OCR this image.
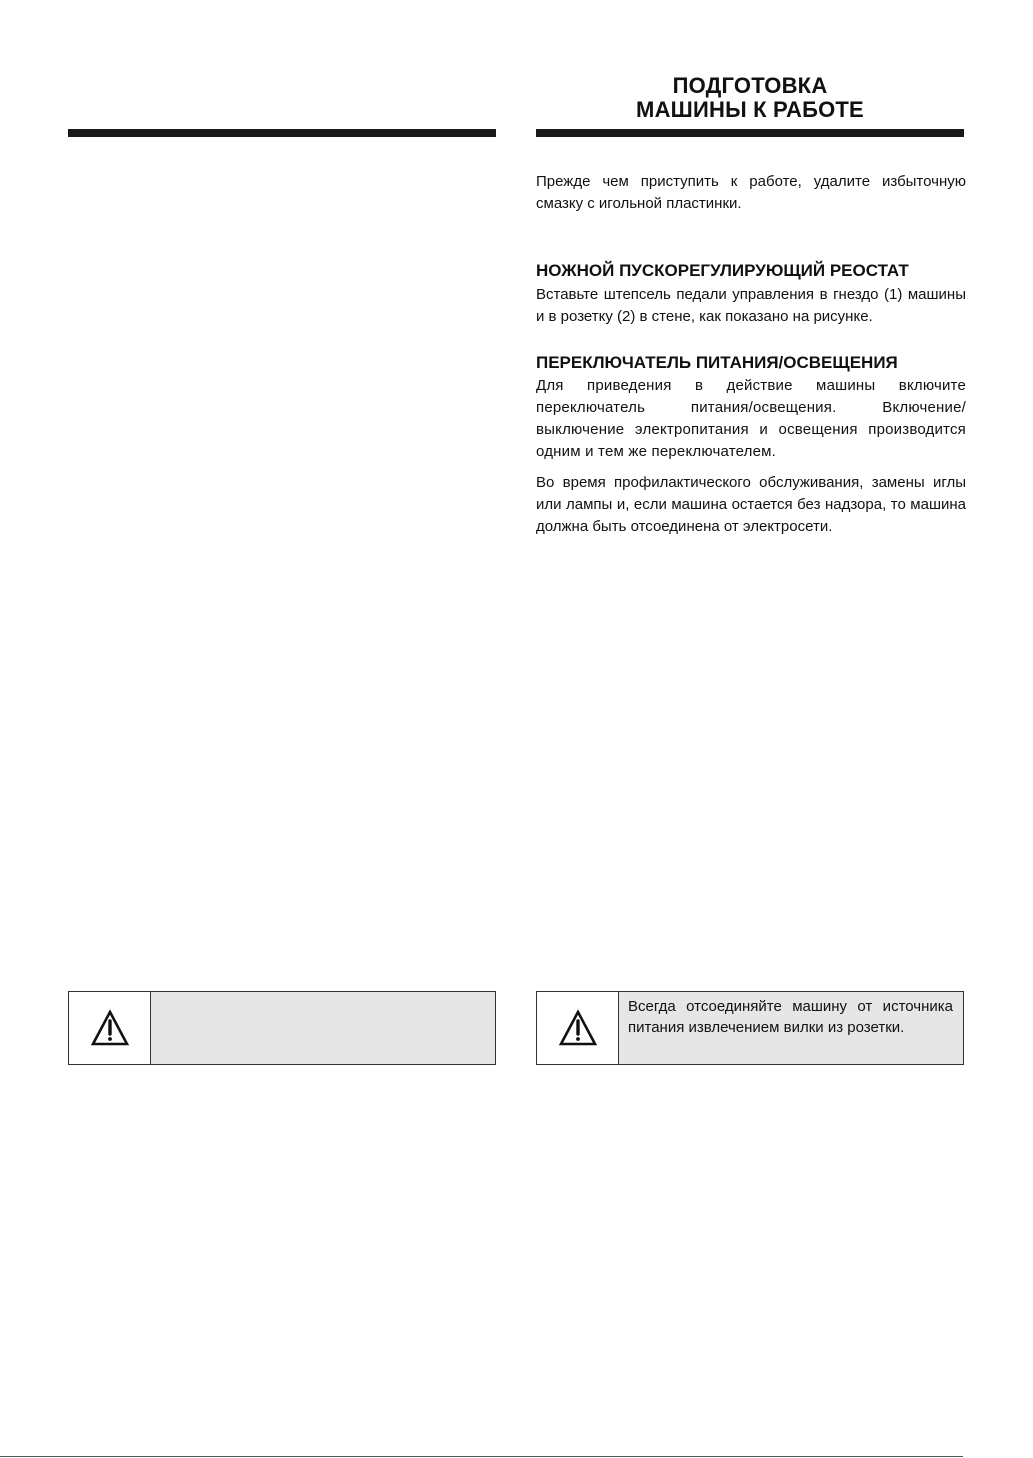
ПОДГОТОВКА
МАШИНЫ К РАБОТЕ

Прежде чем приступить к работе, удалите избыточную смазку с игольной пластинки.

НОЖНОЙ ПУСКОРЕГУЛИРУЮЩИЙ РЕОСТАТ

Вставьте штепсель педали управления в гнездо (1) машины и в розетку (2) в стене, как показано на рисунке.

ПЕРЕКЛЮЧАТЕЛЬ ПИТАНИЯ/ОСВЕЩЕНИЯ

Для приведения в действие машины включите переключатель питания/освещения. Включение/ выключение электропитания и освещения производится одним и тем же переключателем.

Во время профилактического обслуживания, замены иглы или лампы и, если машина остается без надзора, то машина должна быть отсоединена от электросети.

Всегда отсоединяйте машину от источника питания извлечением вилки из розетки.
